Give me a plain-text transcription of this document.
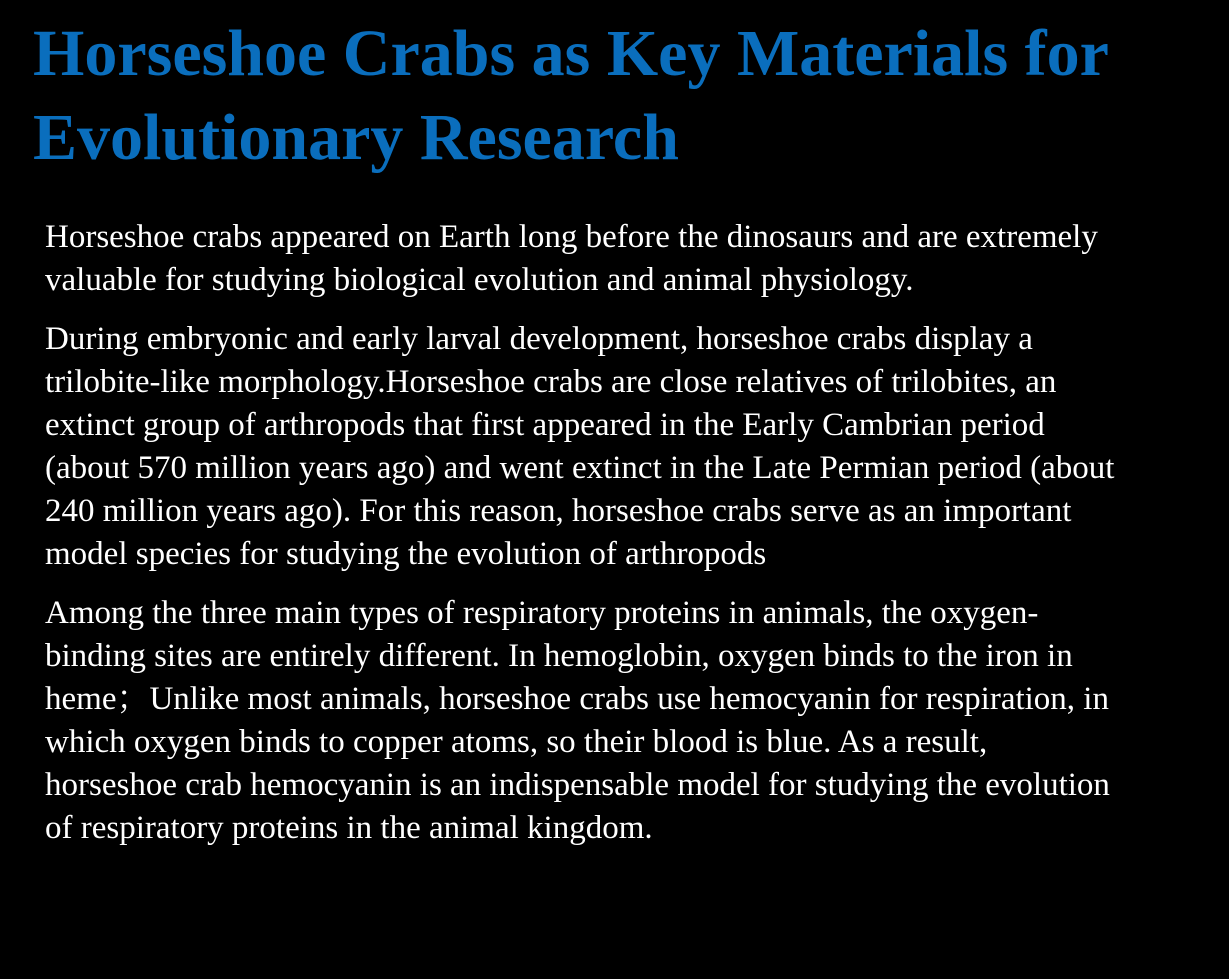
Horseshoe Crabs as Key Materials for Evolutionary Research

Horseshoe crabs appeared on Earth long before the dinosaurs and are extremely valuable for studying biological evolution and animal physiology.

During embryonic and early larval development, horseshoe crabs display a trilobite-like morphology.Horseshoe crabs are close relatives of trilobites, an extinct group of arthropods that first appeared in the Early Cambrian period (about 570 million years ago) and went extinct in the Late Permian period (about 240 million years ago). For this reason, horseshoe crabs serve as an important model species for studying the evolution of arthropods

Among the three main types of respiratory proteins in animals, the oxygen-binding sites are entirely different. In hemoglobin, oxygen binds to the iron in heme；Unlike most animals, horseshoe crabs use hemocyanin for respiration, in which oxygen binds to copper atoms, so their blood is blue. As a result, horseshoe crab hemocyanin is an indispensable model for studying the evolution of respiratory proteins in the animal kingdom.
